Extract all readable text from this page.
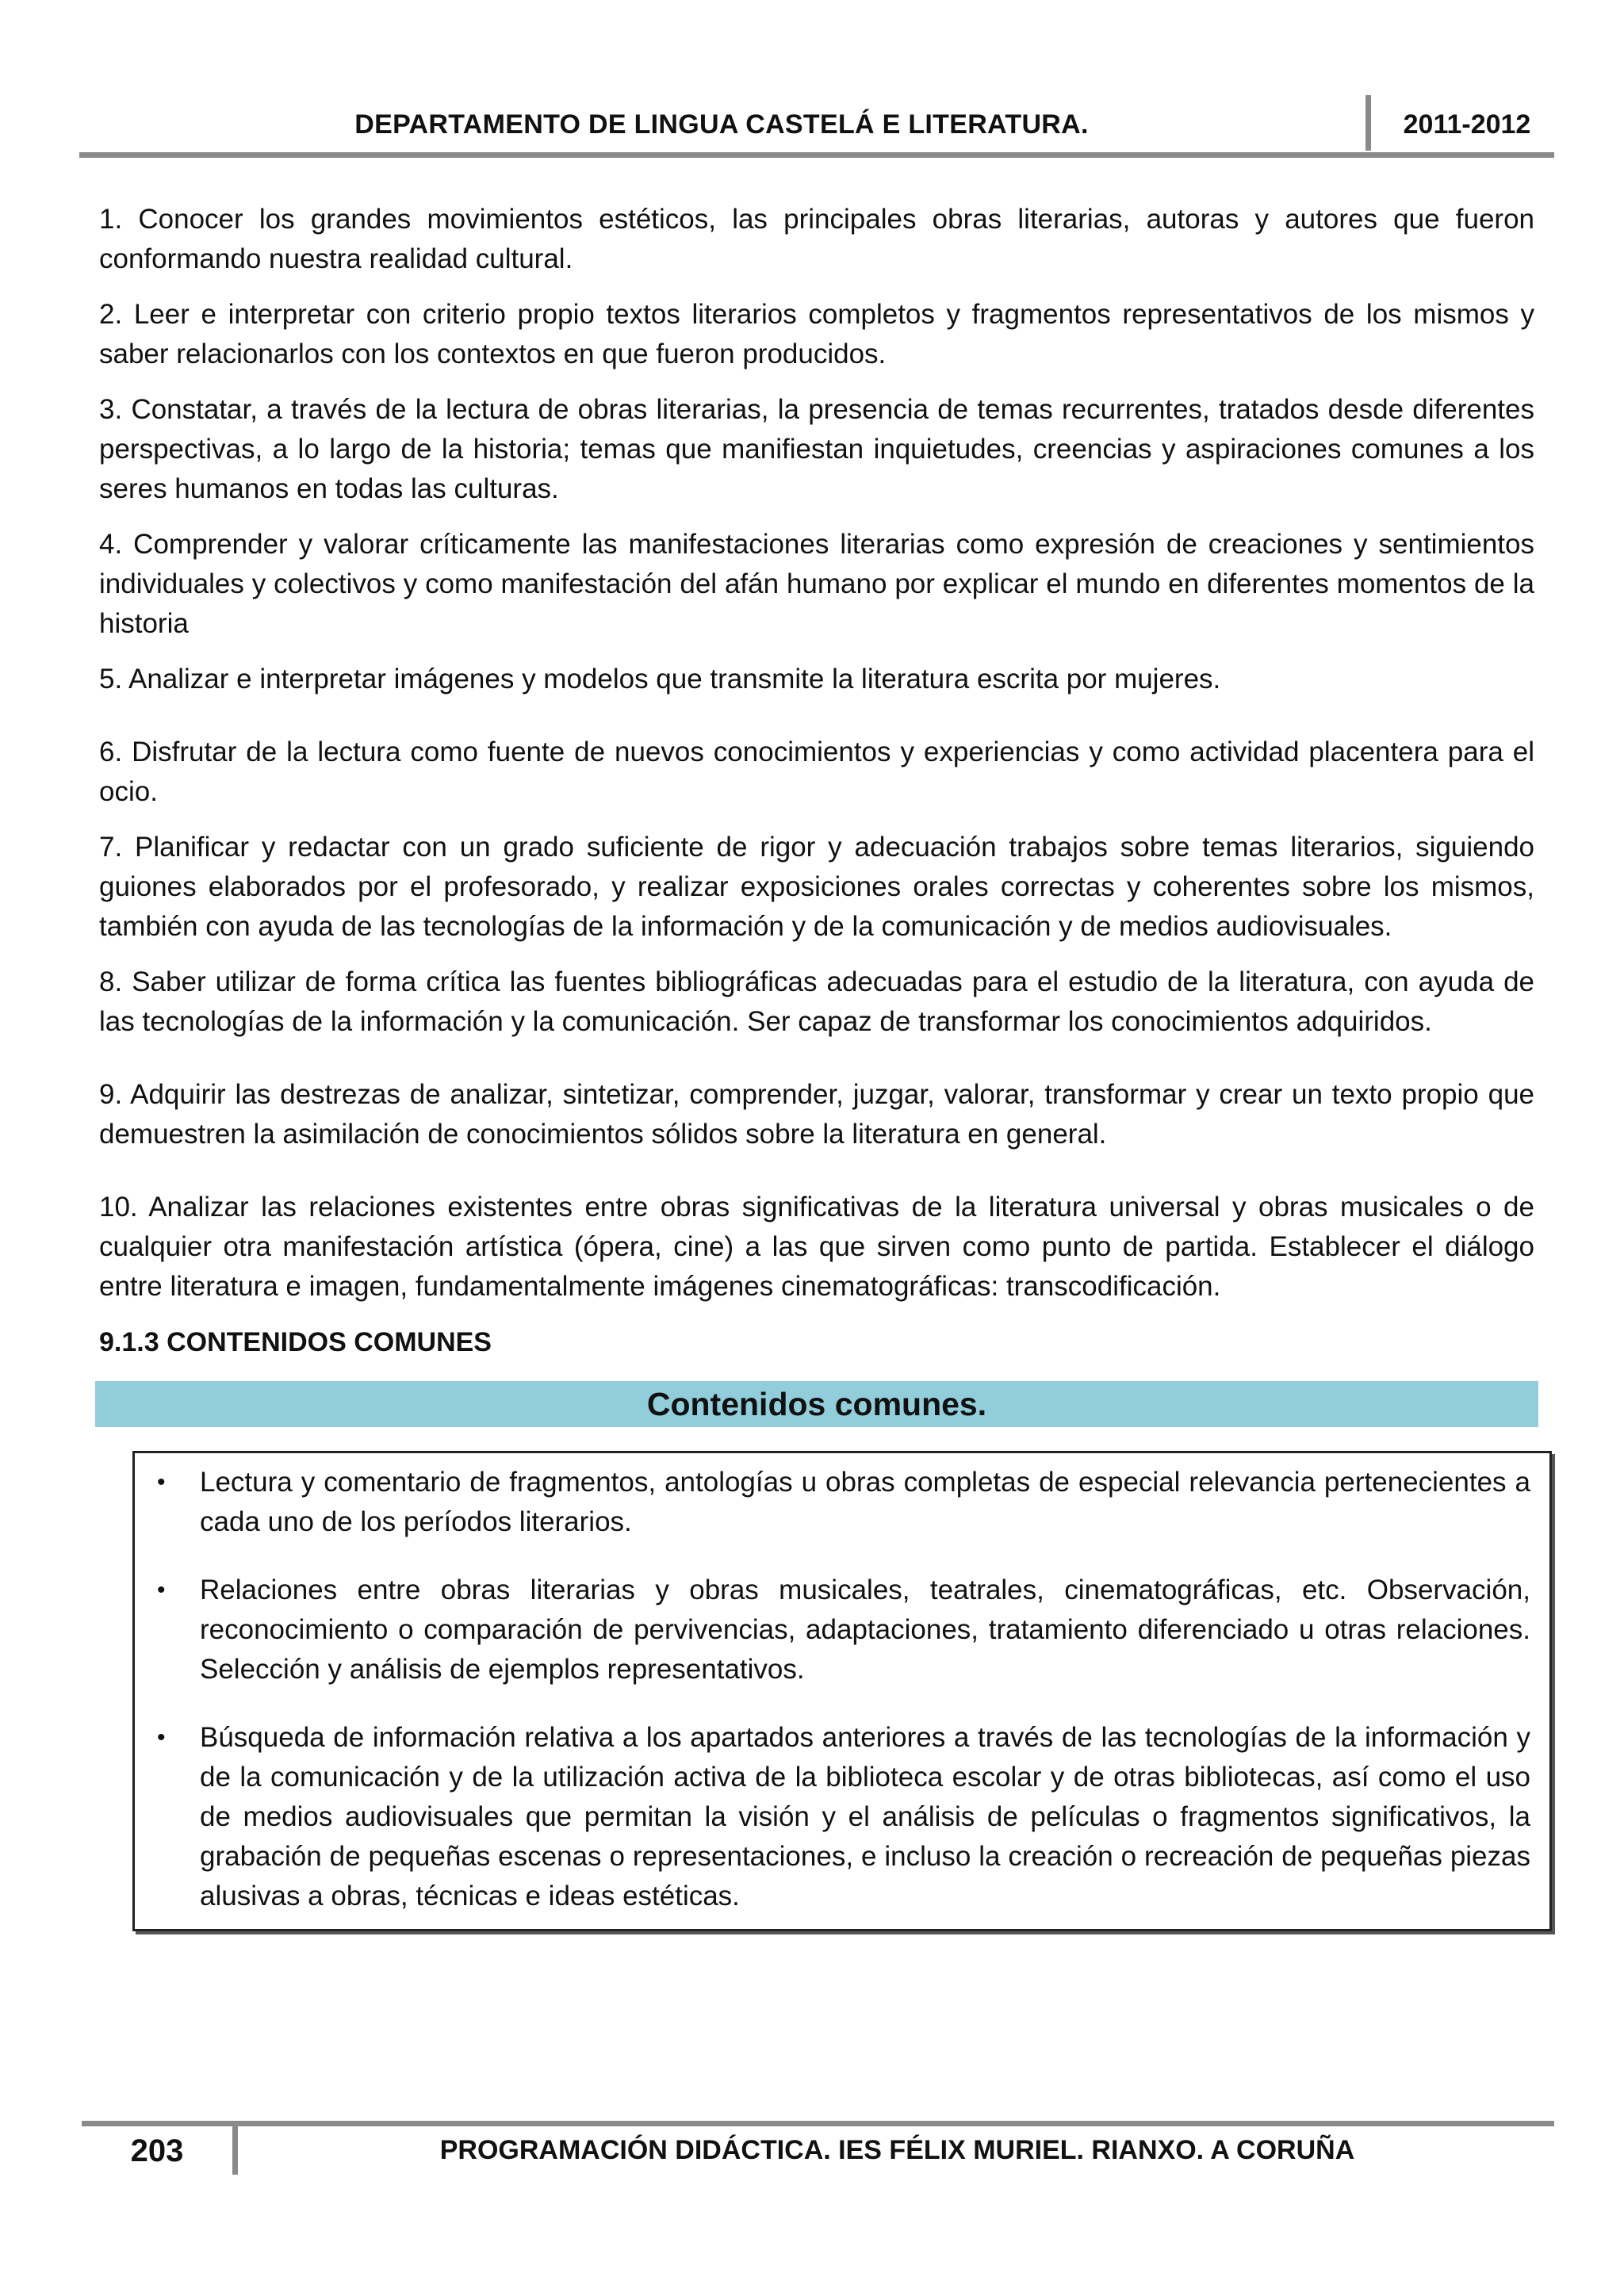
DEPARTAMENTO DE LINGUA CASTELÁ E LITERATURA.	2011-2012

1. Conocer los grandes movimientos estéticos, las principales obras literarias, autoras y autores que fueron conformando nuestra realidad cultural.

2. Leer e interpretar con criterio propio textos literarios completos y fragmentos representativos de los mismos y saber relacionarlos con los contextos en que fueron producidos.

3. Constatar, a través de la lectura de obras literarias, la presencia de temas recurrentes, tratados desde diferentes perspectivas, a lo largo de la historia; temas que manifiestan inquietudes, creencias y aspiraciones comunes a los seres humanos en todas las culturas.

4. Comprender y valorar críticamente las manifestaciones literarias como expresión de creaciones y sentimientos individuales y colectivos y como manifestación del afán humano por explicar el mundo en diferentes momentos de la historia

5. Analizar e interpretar imágenes y modelos que transmite la literatura escrita por mujeres.

6. Disfrutar de la lectura como fuente de nuevos conocimientos y experiencias y como actividad placentera para el ocio.

7. Planificar y redactar con un grado suficiente de rigor y adecuación trabajos sobre temas literarios, siguiendo guiones elaborados por el profesorado, y realizar exposiciones orales correctas y coherentes sobre los mismos, también con ayuda de las tecnologías de la información y de la comunicación y de medios audiovisuales.

8. Saber utilizar de forma crítica las fuentes bibliográficas adecuadas para el estudio de la literatura, con ayuda de las tecnologías de la información y la comunicación. Ser capaz de transformar los conocimientos adquiridos.

9. Adquirir las destrezas de analizar, sintetizar, comprender, juzgar, valorar, transformar y crear un texto propio que demuestren la asimilación de conocimientos sólidos sobre la literatura en general.

10. Analizar las relaciones existentes entre obras significativas de la literatura universal y obras musicales o de cualquier otra manifestación artística (ópera, cine) a las que sirven como punto de partida. Establecer el diálogo entre literatura e imagen, fundamentalmente imágenes cinematográficas: transcodificación.

9.1.3 CONTENIDOS COMUNES
Contenidos comunes.
• Lectura y comentario de fragmentos, antologías u obras completas de especial relevancia pertenecientes a cada uno de los períodos literarios.
• Relaciones entre obras literarias y obras musicales, teatrales, cinematográficas, etc. Observación, reconocimiento o comparación de pervivencias, adaptaciones, tratamiento diferenciado u otras relaciones. Selección y análisis de ejemplos representativos.
• Búsqueda de información relativa a los apartados anteriores a través de las tecnologías de la información y de la comunicación y de la utilización activa de la biblioteca escolar y de otras bibliotecas, así como el uso de medios audiovisuales que permitan la visión y el análisis de películas o fragmentos significativos, la grabación de pequeñas escenas o representaciones, e incluso la creación o recreación de pequeñas piezas alusivas a obras, técnicas e ideas estéticas.
203	PROGRAMACIÓN DIDÁCTICA. IES FÉLIX MURIEL. RIANXO. A CORUÑA
